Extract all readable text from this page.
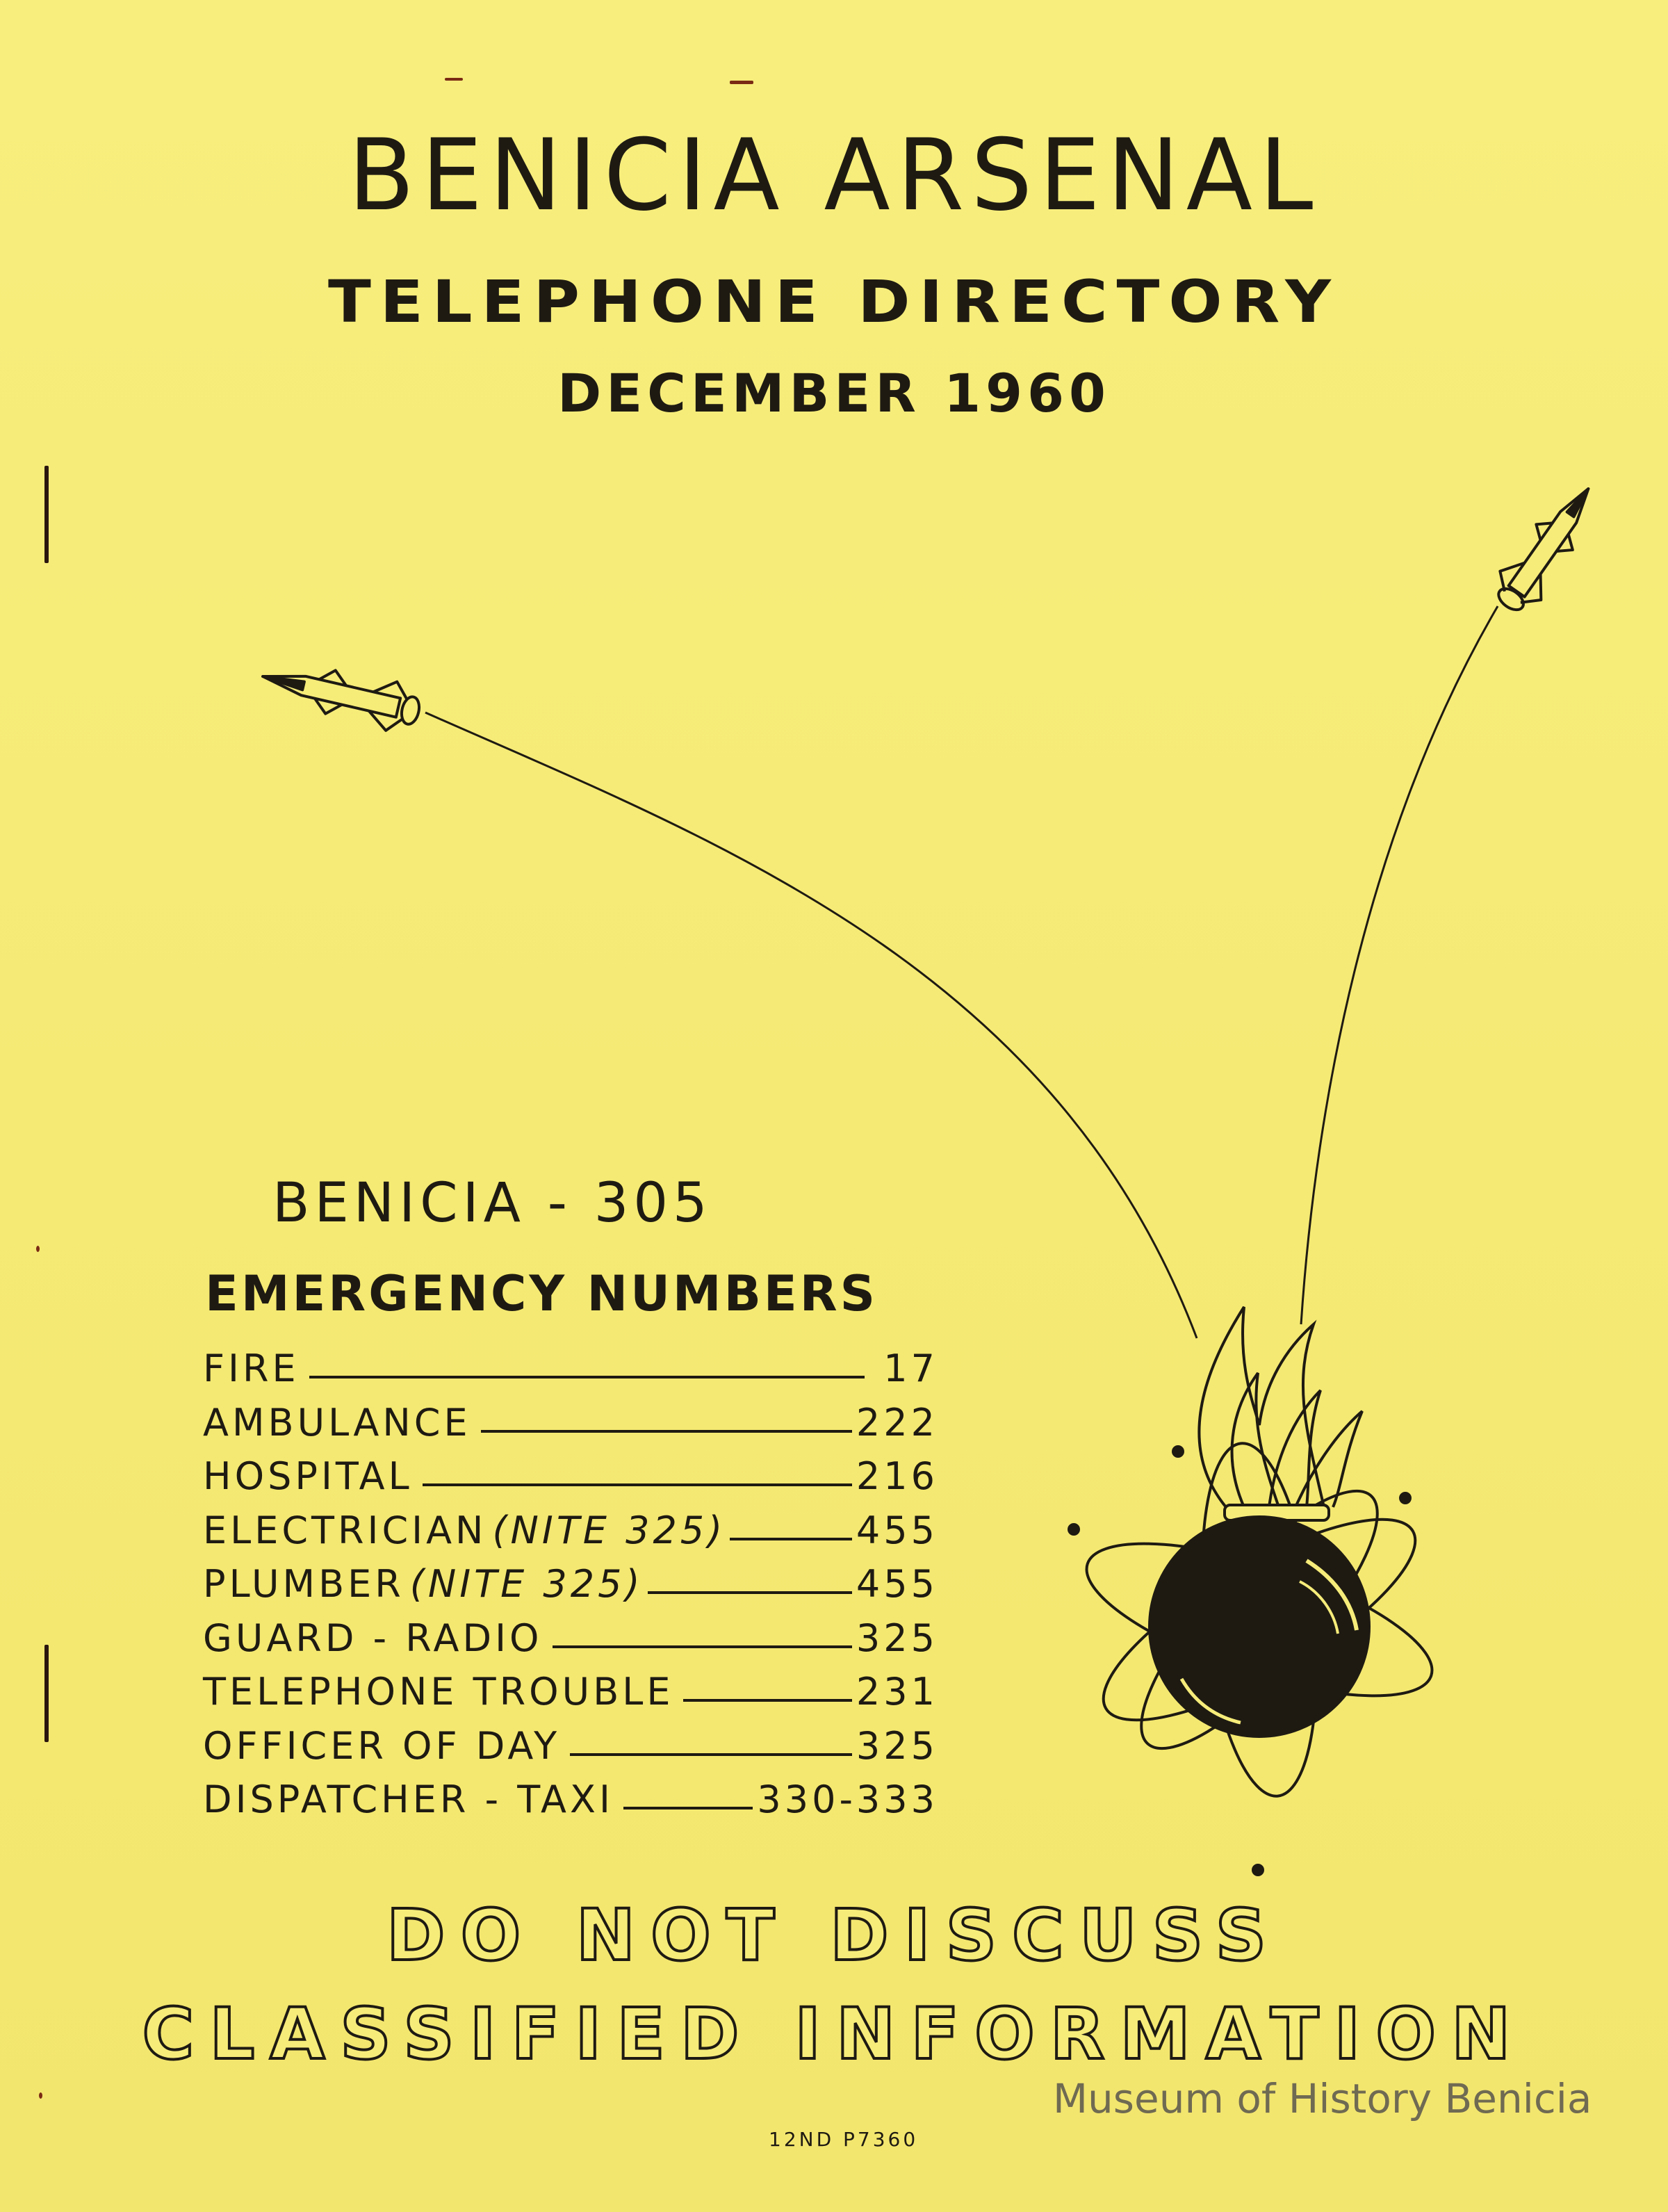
BENICIA ARSENAL
TELEPHONE DIRECTORY
DECEMBER 1960
BENICIA - 305
EMERGENCY NUMBERS
FIRE	17
AMBULANCE	222
HOSPITAL	216
ELECTRICIAN (NITE 325)	455
PLUMBER (NITE 325)	455
GUARD - RADIO	325
TELEPHONE TROUBLE	231
OFFICER OF DAY	325
DISPATCHER - TAXI	330-333
DO NOT DISCUSS
CLASSIFIED INFORMATION
Museum of History Benicia
12ND P7360
